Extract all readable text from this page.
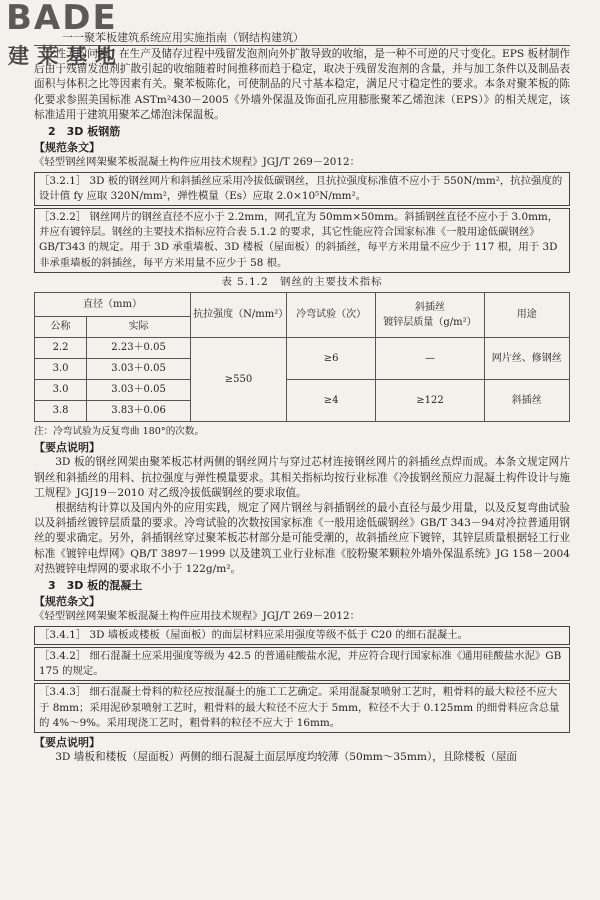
BADE
建莱基地
一一聚苯板建筑系统应用实施指南（钢结构建筑）

性大的问题，在生产及储存过程中残留发泡剂向外扩散导致的收缩，是一种不可逆的尺寸变化。EPS 板材制作后由于残留发泡剂扩散引起的收缩随着时间推移而趋于稳定，取决于残留发泡剂的含量，并与加工条件以及制品表面积与体积之比等因素有关。聚苯板陈化，可使制品的尺寸基本稳定，满足尺寸稳定性的要求。本条对聚苯板的陈化要求参照美国标准 ASTm²430－2005《外墙外保温及饰面孔应用膨胀聚苯乙烯泡沫（EPS）》的相关规定，该标准适用于建筑用聚苯乙烯泡沫保温板。

2　3D 板钢筋
【规范条文】
《轻型钢丝网架聚苯板混凝土构件应用技术规程》JGJ/T 269－2012：
［3.2.1］ 3D 板的钢丝网片和斜插丝应采用冷拔低碳钢丝，且抗拉强度标准值不应小于 550N/mm²，抗拉强度的设计值 fy 应取 320N/mm²，弹性模量（Es）应取 2.0×10⁵N/mm²。
［3.2.2］ 钢丝网片的钢丝直径不应小于 2.2mm，网孔宜为 50mm×50mm。斜插钢丝直径不应小于 3.0mm，并应有镀锌层。钢丝的主要技术指标应符合表 5.1.2 的要求，其它性能应符合国家标准《一般用途低碳钢丝》GB/T343 的规定。用于 3D 承重墙板、3D 楼板（屋面板）的斜插丝，每平方米用量不应少于 117 根，用于 3D 非承重墙板的斜插丝，每平方米用量不应少于 58 根。
表 5.1.2　钢丝的主要技术指标
直径（mm）		抗拉强度（N/mm²）	冷弯试验（次）	斜插丝
镀锌层质量（g/m²）	用途
公称	实际				
2.2	2.23＋0.05	≥550	≥6	—	网片丝、修钢丝
3.0	3.03＋0.05				
3.0	3.03＋0.05		≥4	≥122	斜插丝
3.8	3.83＋0.06				
注：冷弯试验为反复弯曲 180°的次数。
【要点说明】

3D 板的钢丝网架由聚苯板芯材两侧的钢丝网片与穿过芯材连接钢丝网片的斜插丝点焊而成。本条文规定网片钢丝和斜插丝的用料、抗拉强度与弹性模量要求。其相关指标均按行业标准《冷拔钢丝预应力混凝土构件设计与施工规程》JGJ19－2010 对乙级冷拔低碳钢丝的要求取值。

根据结构计算以及国内外的应用实践，规定了网片钢丝与斜插钢丝的最小直径与最少用量，以及反复弯曲试验以及斜插丝镀锌层质量的要求。冷弯试验的次数按国家标准《一般用途低碳钢丝》GB/T 343－94对冷拉普通用钢丝的要求确定。另外，斜插钢丝穿过聚苯板芯材部分是可能受潮的，故斜插丝应下镀锌，其锌层质量根据轻工行业标准《镀锌电焊网》QB/T 3897－1999 以及建筑工业行业标准《胶粉聚苯颗粒外墙外保温系统》JG 158－2004 对热镀锌电焊网的要求取不小于 122g/m²。

3　3D 板的混凝土
【规范条文】
《轻型钢丝网架聚苯板混凝土构件应用技术规程》JGJ/T 269－2012：
［3.4.1］ 3D 墙板或楼板（屋面板）的面层材料应采用强度等级不低于 C20 的细石混凝土。
［3.4.2］ 细石混凝土应采用强度等级为 42.5 的普通硅酸盐水泥，并应符合现行国家标准《通用硅酸盐水泥》GB 175 的规定。
［3.4.3］ 细石混凝土骨料的粒径应按混凝土的施工工艺确定。采用混凝泵喷射工艺时，粗骨料的最大粒径不应大于 8mm；采用泥砂泵喷射工艺时，粗骨料的最大粒径不应大于 5mm，粒径不大于 0.125mm 的细骨料应含总量的 4%～9%。采用现浇工艺时，粗骨料的粒径不应大于 16mm。
【要点说明】

3D 墙板和楼板（屋面板）两侧的细石混凝土面层厚度均较薄（50mm～35mm），且除楼板（屋面
